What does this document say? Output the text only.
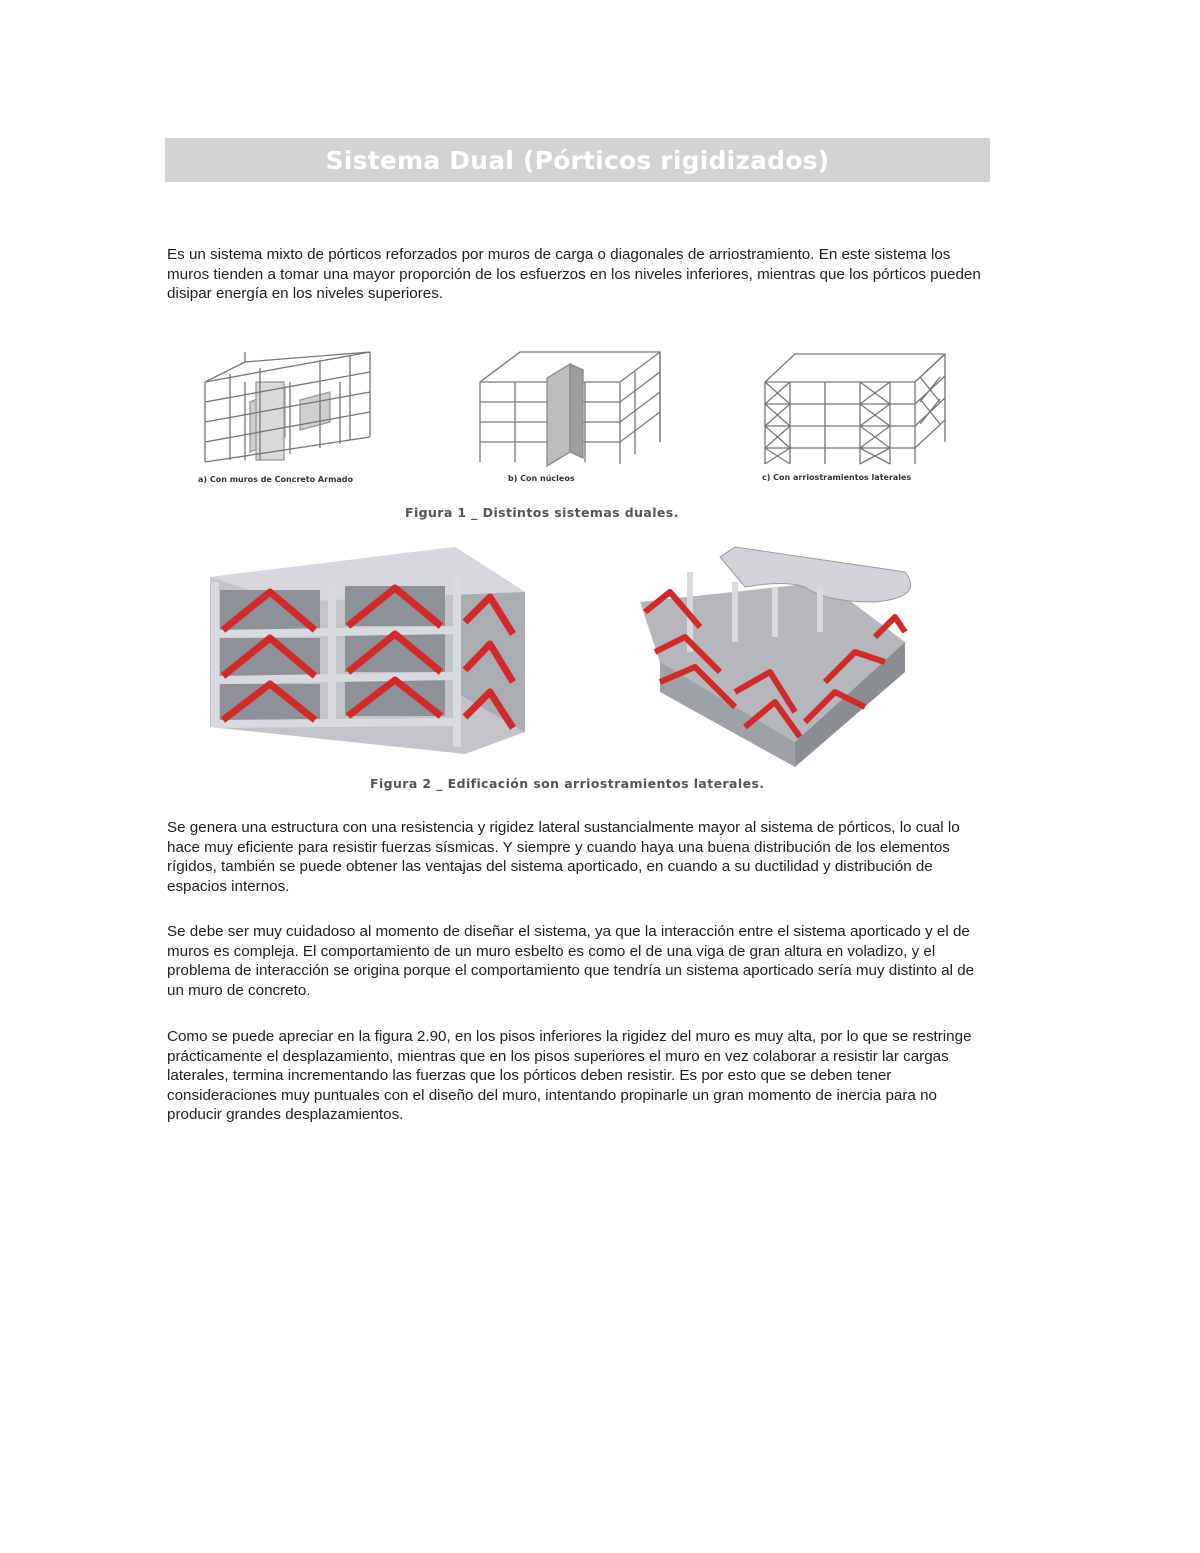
Sistema Dual (Pórticos rigidizados)

Es un sistema mixto de pórticos reforzados por muros de carga o diagonales de arriostramiento. En este sistema los muros tienden a tomar una mayor proporción de los esfuerzos en los niveles inferiores, mientras que los pórticos pueden disipar energía en los niveles superiores.

a) Con muros de Concreto Armado	b) Con núcleos	c) Con arriostramientos laterales
Figura 1 _ Distintos sistemas duales.
Figura 2 _ Edificación son arriostramientos laterales.

Se genera una estructura con una resistencia y rigidez lateral sustancialmente mayor al sistema de pórticos, lo cual lo hace muy eficiente para resistir fuerzas sísmicas. Y siempre y cuando haya una buena distribución de los elementos rígidos, también se puede obtener las ventajas del sistema aporticado, en cuando a su ductilidad y distribución de espacios internos.

Se debe ser muy cuidadoso al momento de diseñar el sistema, ya que la interacción entre el sistema aporticado y el de muros es compleja. El comportamiento de un muro esbelto es como el de una viga de gran altura en voladizo, y el problema de interacción se origina porque el comportamiento que tendría un sistema aporticado sería muy distinto al de un muro de concreto.

Como se puede apreciar en la figura 2.90, en los pisos inferiores la rigidez del muro es muy alta, por lo que se restringe prácticamente el desplazamiento, mientras que en los pisos superiores el muro en vez colaborar a resistir lar cargas laterales, termina incrementando las fuerzas que los pórticos deben resistir. Es por esto que se deben tener consideraciones muy puntuales con el diseño del muro, intentando propinarle un gran momento de inercia para no producir grandes desplazamientos.
